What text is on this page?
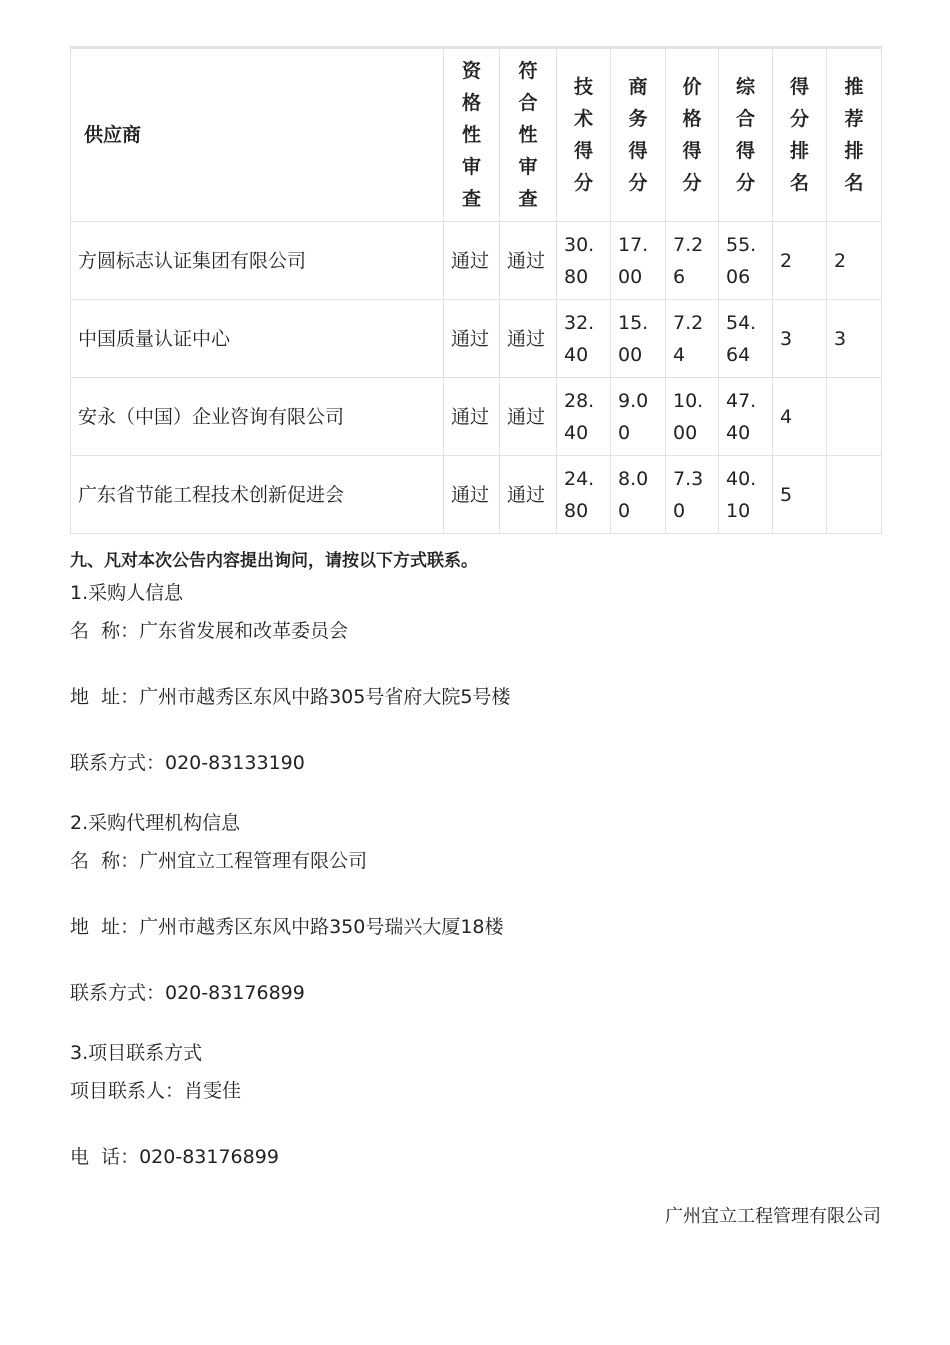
供应商	资格性审查	符合性审查	技术得分	商务得分	价格得分	综合得分	得分排名	推荐排名

方圆标志认证集团有限公司	通过	通过	30.80	17.00	7.26	55.06	2	2
中国质量认证中心	通过	通过	32.40	15.00	7.24	54.64	3	3
安永（中国）企业咨询有限公司	通过	通过	28.40	9.00	10.00	47.40	4	
广东省节能工程技术创新促进会	通过	通过	24.80	8.00	7.30	40.10	5	
九、凡对本次公告内容提出询问，请按以下方式联系。
1.采购人信息
名  称：广东省发展和改革委员会
地  址：广州市越秀区东风中路305号省府大院5号楼
联系方式：020-83133190
2.采购代理机构信息
名  称：广州宜立工程管理有限公司
地  址：广州市越秀区东风中路350号瑞兴大厦18楼
联系方式：020-83176899
3.项目联系方式
项目联系人：肖雯佳
电  话：020-83176899
广州宜立工程管理有限公司
